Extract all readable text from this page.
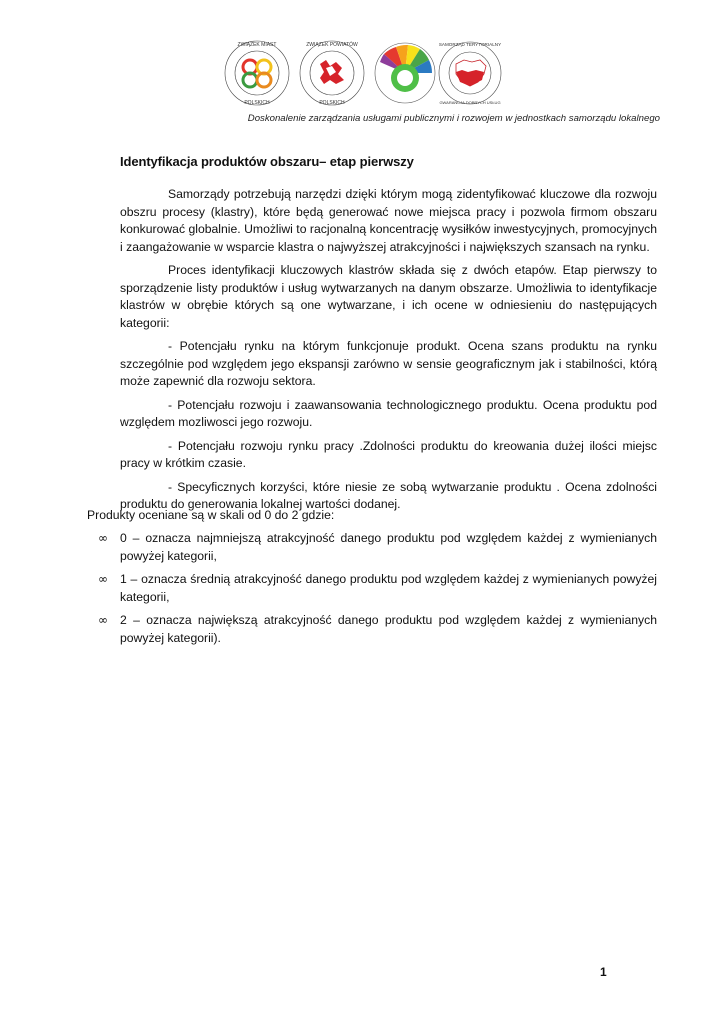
ZWIĄZEK MIAST
POLSKICH
ZWIĄZEK POWIATÓW
POLSKICH
SAMORZĄD TERYTORIALNY
GWARANCJA DOBRYCH USŁUG
Doskonalenie zarządzania usługami publicznymi i rozwojem w jednostkach samorządu lokalnego
Identyfikacja produktów obszaru– etap pierwszy

Samorządy potrzebują narzędzi dzięki którym mogą zidentyfikować kluczowe dla rozwoju obszru procesy (klastry), które będą generować nowe miejsca pracy i pozwola firmom obszaru konkurować globalnie. Umożliwi to racjonalną koncentrację wysiłków inwestycyjnych, promocyjnych i zaangażowanie w wsparcie klastra o najwyższej atrakcyjności i największych szansach na rynku.

Proces identyfikacji kluczowych klastrów składa się z dwóch etapów. Etap pierwszy to sporządzenie listy produktów i usług wytwarzanych na danym obszarze. Umożliwia to identyfikacje klastrów w obrębie których są one wytwarzane, i ich ocene w odniesieniu do następujących kategorii:

- Potencjału rynku na którym funkcjonuje produkt. Ocena szans produktu na rynku szczególnie pod względem jego ekspansji zarówno w sensie geograficznym jak i stabilności, którą może zapewnić dla rozwoju sektora.

- Potencjału rozwoju i zaawansowania technologicznego produktu. Ocena produktu pod względem mozliwosci jego rozwoju.

- Potencjału rozwoju rynku pracy .Zdolności produktu do kreowania dużej ilości miejsc pracy w krótkim czasie.

- Specyficznych korzyści, które niesie ze sobą wytwarzanie produktu . Ocena zdolności produktu do generowania lokalnej wartości dodanej.

Produkty oceniane są w skali od 0 do 2 gdzie:
∞ 0 – oznacza najmniejszą atrakcyjność danego produktu pod względem każdej z wymienianych powyżej kategorii,
∞ 1 – oznacza średnią atrakcyjność danego produktu pod względem każdej z wymienianych powyżej kategorii,
∞ 2 – oznacza największą atrakcyjność danego produktu pod względem każdej z wymienianych powyżej kategorii).
1
